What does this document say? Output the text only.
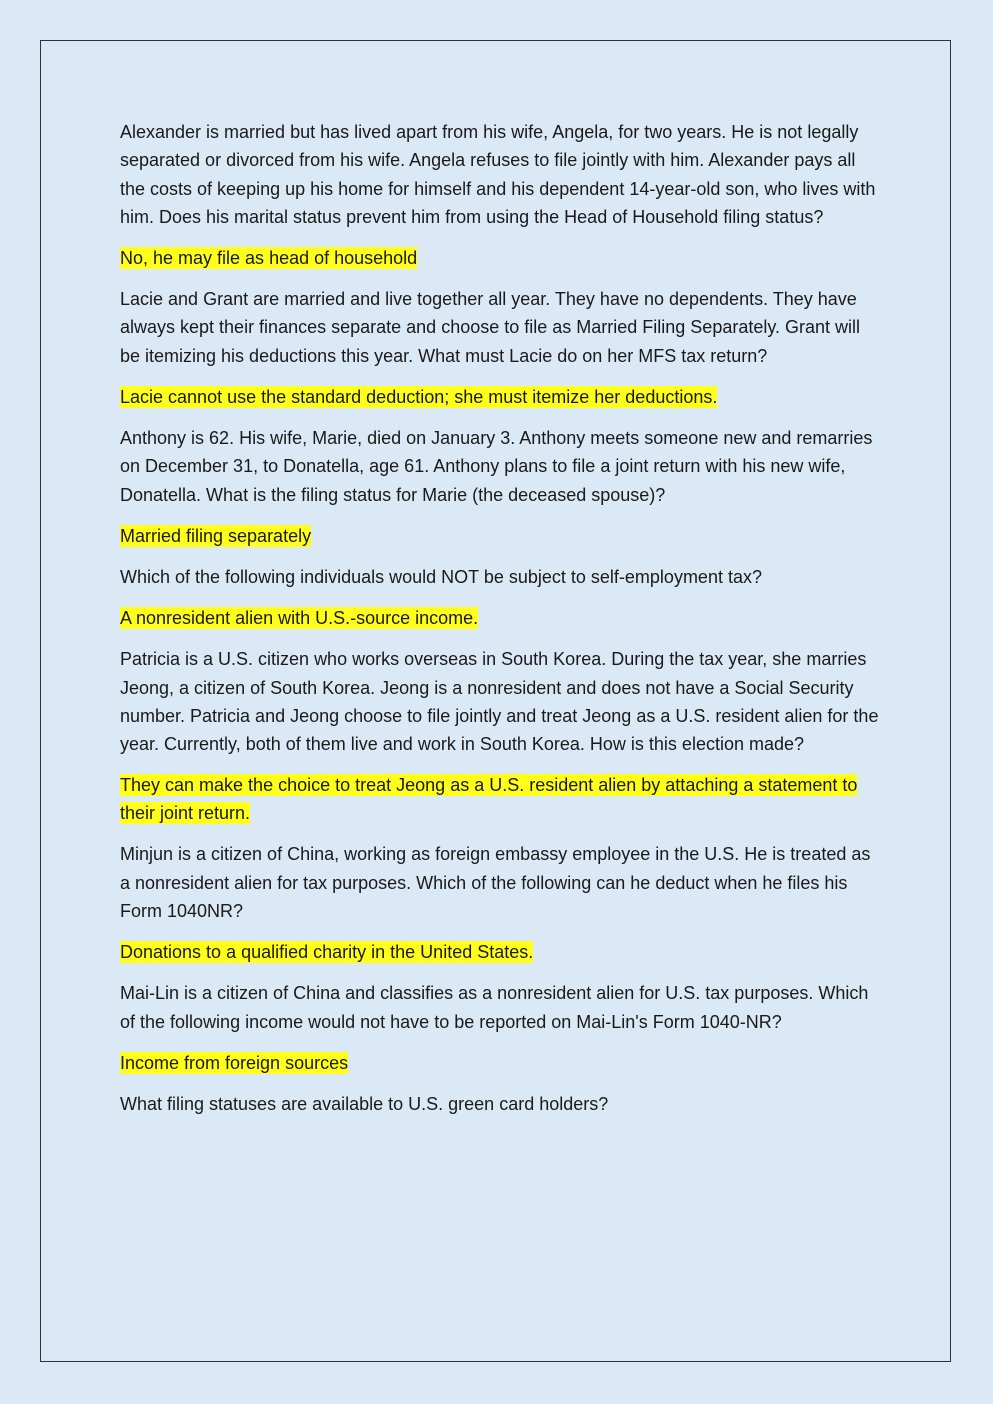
Alexander is married but has lived apart from his wife, Angela, for two years. He is not legally separated or divorced from his wife. Angela refuses to file jointly with him. Alexander pays all the costs of keeping up his home for himself and his dependent 14-year-old son, who lives with him. Does his marital status prevent him from using the Head of Household filing status?

No, he may file as head of household

Lacie and Grant are married and live together all year. They have no dependents. They have always kept their finances separate and choose to file as Married Filing Separately. Grant will be itemizing his deductions this year. What must Lacie do on her MFS tax return?

Lacie cannot use the standard deduction; she must itemize her deductions.

Anthony is 62. His wife, Marie, died on January 3. Anthony meets someone new and remarries on December 31, to Donatella, age 61. Anthony plans to file a joint return with his new wife, Donatella. What is the filing status for Marie (the deceased spouse)?

Married filing separately

Which of the following individuals would NOT be subject to self-employment tax?

A nonresident alien with U.S.-source income.

Patricia is a U.S. citizen who works overseas in South Korea. During the tax year, she marries Jeong, a citizen of South Korea. Jeong is a nonresident and does not have a Social Security number. Patricia and Jeong choose to file jointly and treat Jeong as a U.S. resident alien for the year. Currently, both of them live and work in South Korea. How is this election made?

They can make the choice to treat Jeong as a U.S. resident alien by attaching a statement to their joint return.

Minjun is a citizen of China, working as foreign embassy employee in the U.S. He is treated as a nonresident alien for tax purposes. Which of the following can he deduct when he files his Form 1040NR?

Donations to a qualified charity in the United States.

Mai-Lin is a citizen of China and classifies as a nonresident alien for U.S. tax purposes. Which of the following income would not have to be reported on Mai-Lin's Form 1040-NR?

Income from foreign sources

What filing statuses are available to U.S. green card holders?
